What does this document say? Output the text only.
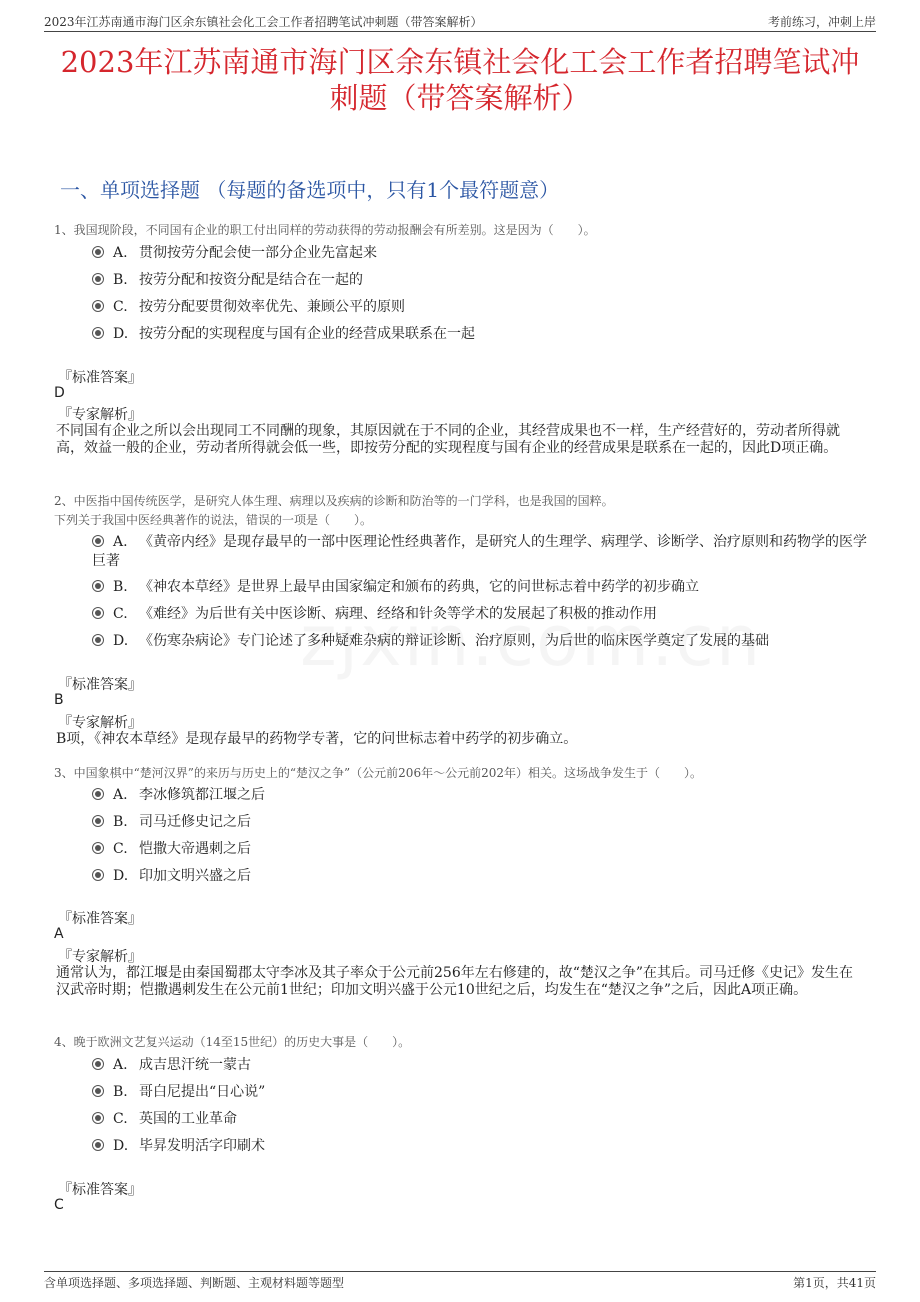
2023年江苏南通市海门区余东镇社会化工会工作者招聘笔试冲刺题（带答案解析）	考前练习，冲刺上岸
2023年江苏南通市海门区余东镇社会化工会工作者招聘笔试冲
刺题（带答案解析）
一、单项选择题 （每题的备选项中，只有1个最符题意）
1、我国现阶段，不同国有企业的职工付出同样的劳动获得的劳动报酬会有所差别。这是因为（　　）。
A. 贯彻按劳分配会使一部分企业先富起来
B. 按劳分配和按资分配是结合在一起的
C. 按劳分配要贯彻效率优先、兼顾公平的原则
D. 按劳分配的实现程度与国有企业的经营成果联系在一起
『标准答案』
D
『专家解析』
不同国有企业之所以会出现同工不同酬的现象，其原因就在于不同的企业，其经营成果也不一样，生产经营好的，劳动者所得就高，效益一般的企业，劳动者所得就会低一些，即按劳分配的实现程度与国有企业的经营成果是联系在一起的，因此D项正确。
2、中医指中国传统医学，是研究人体生理、病理以及疾病的诊断和防治等的一门学科，也是我国的国粹。
下列关于我国中医经典著作的说法，错误的一项是（　　）。
A. 《黄帝内经》是现存最早的一部中医理论性经典著作，是研究人的生理学、病理学、诊断学、治疗原则和药物学的医学巨著
B. 《神农本草经》是世界上最早由国家编定和颁布的药典，它的问世标志着中药学的初步确立
C. 《难经》为后世有关中医诊断、病理、经络和针灸等学术的发展起了积极的推动作用
D. 《伤寒杂病论》专门论述了多种疑难杂病的辩证诊断、治疗原则，为后世的临床医学奠定了发展的基础
『标准答案』
B
『专家解析』
B项，《神农本草经》是现存最早的药物学专著，它的问世标志着中药学的初步确立。
3、中国象棋中“楚河汉界”的来历与历史上的“楚汉之争”（公元前206年～公元前202年）相关。这场战争发生于（　　）。
A. 李冰修筑都江堰之后
B. 司马迁修史记之后
C. 恺撒大帝遇刺之后
D. 印加文明兴盛之后
『标准答案』
A
『专家解析』
通常认为，都江堰是由秦国蜀郡太守李冰及其子率众于公元前256年左右修建的，故“楚汉之争”在其后。司马迁修《史记》发生在汉武帝时期；恺撒遇刺发生在公元前1世纪；印加文明兴盛于公元10世纪之后，均发生在“楚汉之争”之后，因此A项正确。
4、晚于欧洲文艺复兴运动（14至15世纪）的历史大事是（　　）。
A. 成吉思汗统一蒙古
B. 哥白尼提出“日心说”
C. 英国的工业革命
D. 毕昇发明活字印刷术
『标准答案』
C
含单项选择题、多项选择题、判断题、主观材料题等题型	第1页，共41页
